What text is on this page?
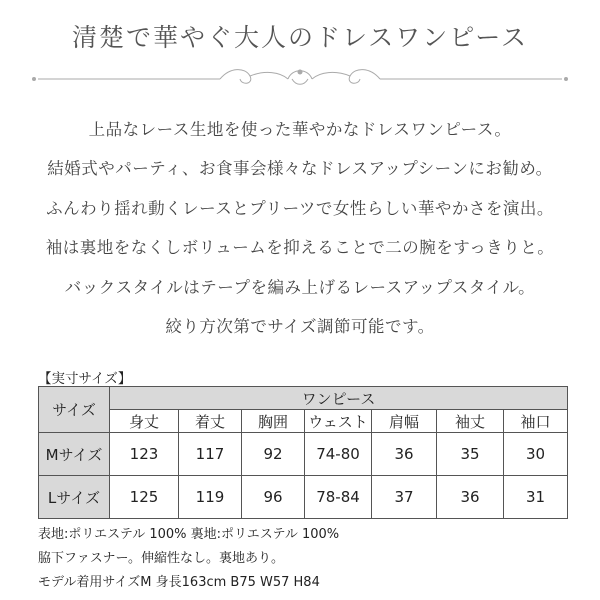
清楚で華やぐ大人のドレスワンピース
上品なレース生地を使った華やかなドレスワンピース。
結婚式やパーティ、お食事会様々なドレスアップシーンにお勧め。
ふんわり揺れ動くレースとプリーツで女性らしい華やかさを演出。
袖は裏地をなくしボリュームを抑えることで二の腕をすっきりと。
バックスタイルはテープを編み上げるレースアップスタイル。
絞り方次第でサイズ調節可能です。
【実寸サイズ】
サイズ	ワンピース						
	身丈	着丈	胸囲	ウェスト	肩幅	袖丈	袖口
Mサイズ	123	117	92	74-80	36	35	30
Lサイズ	125	119	96	78-84	37	36	31
表地:ポリエステル 100% 裏地:ポリエステル 100%
脇下ファスナー。伸縮性なし。裏地あり。
モデル着用サイズM 身長163cm B75 W57 H84
